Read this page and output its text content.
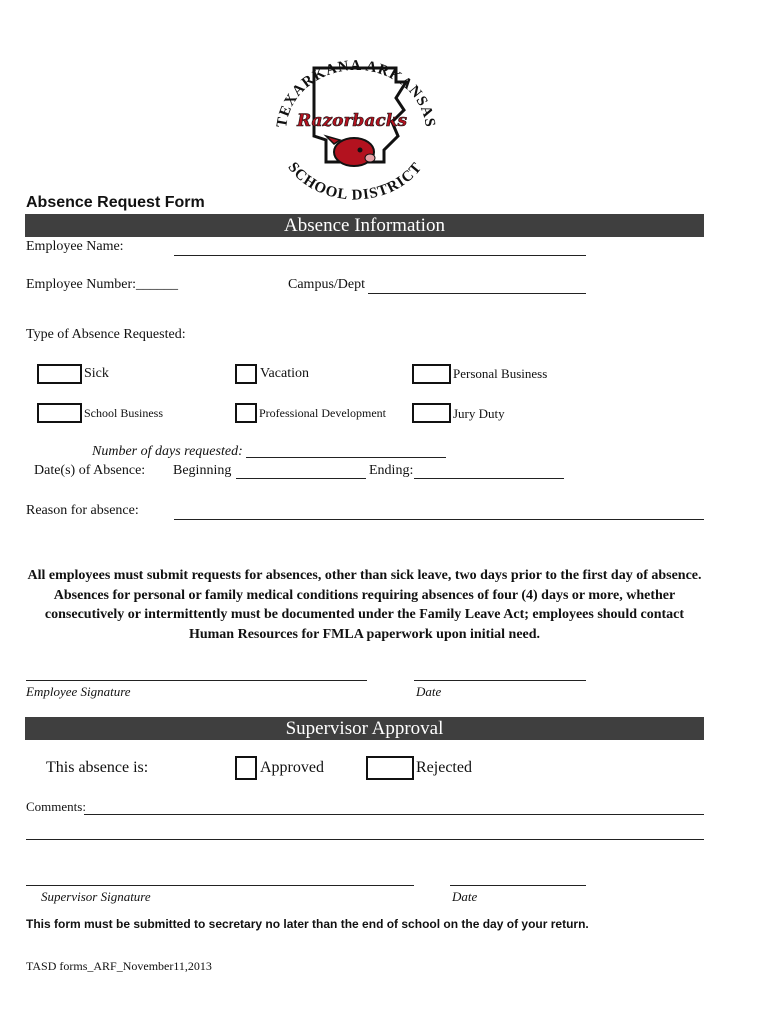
TEXARKANA ARKANSAS
SCHOOL DISTRICT
Razorbacks
Absence Request Form
Absence Information
Employee Name:
Employee Number:______	Campus/Dept
Type of Absence Requested:
Sick	Vacation	Personal Business
School Business	Professional Development	Jury Duty
Number of days requested:
Date(s) of Absence: Beginning	Ending:
Reason for absence:
All employees must submit requests for absences, other than sick leave, two days prior to the first day of absence. Absences for personal or family medical conditions requiring absences of four (4) days or more, whether consecutively or intermittently must be documented under the Family Leave Act; employees should contact Human Resources for FMLA paperwork upon initial need.
Employee Signature	Date
Supervisor Approval
This absence is:	Approved	Rejected
Comments:
Supervisor Signature	Date
This form must be submitted to secretary no later than the end of school on the day of your return.
TASD forms_ARF_November11,2013
